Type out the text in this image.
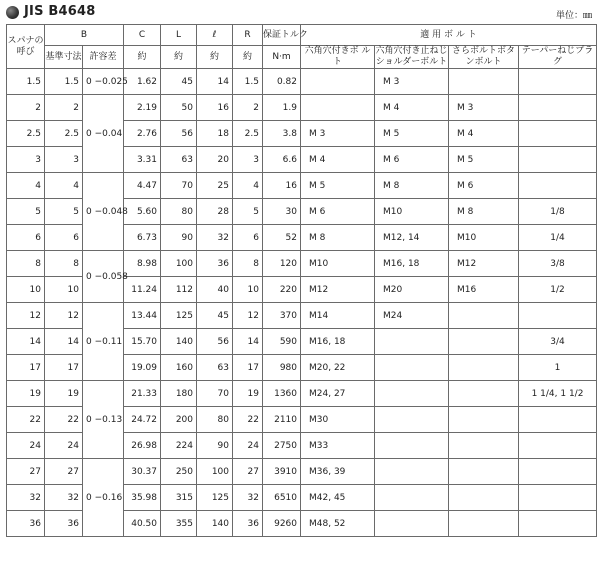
JIS B4648	単位：㎜
スパナの呼び	B		C	L	ℓ	R	保証トルク	適 用 ボ ル ト			
	基準寸法	許容差	約	約	約	約	N·m	六角穴付きボ ル ト	六角穴付き止ねじショルダーボルト	さらボルトボタンボルト	テーパーねじプラグ
1.5	1.5	0 −0.025	1.62	45	14	1.5	0.82		M 3		
2	2	0 −0.04	2.19	50	16	2	1.9		M 4	M 3	
2.5	2.5		2.76	56	18	2.5	3.8	M 3	M 5	M 4	
3	3		3.31	63	20	3	6.6	M 4	M 6	M 5	
4	4	0 −0.048	4.47	70	25	4	16	M 5	M 8	M 6	
5	5		5.60	80	28	5	30	M 6	M10	M 8	1/8
6	6		6.73	90	32	6	52	M 8	M12, 14	M10	1/4
8	8	0 −0.058	8.98	100	36	8	120	M10	M16, 18	M12	3/8
10	10		11.24	112	40	10	220	M12	M20	M16	1/2
12	12	0 −0.11	13.44	125	45	12	370	M14	M24		
14	14		15.70	140	56	14	590	M16, 18			3/4
17	17		19.09	160	63	17	980	M20, 22			1
19	19	0 −0.13	21.33	180	70	19	1360	M24, 27			1 1/4, 1 1/2
22	22		24.72	200	80	22	2110	M30			
24	24		26.98	224	90	24	2750	M33			
27	27	0 −0.16	30.37	250	100	27	3910	M36, 39			
32	32		35.98	315	125	32	6510	M42, 45			
36	36		40.50	355	140	36	9260	M48, 52			
